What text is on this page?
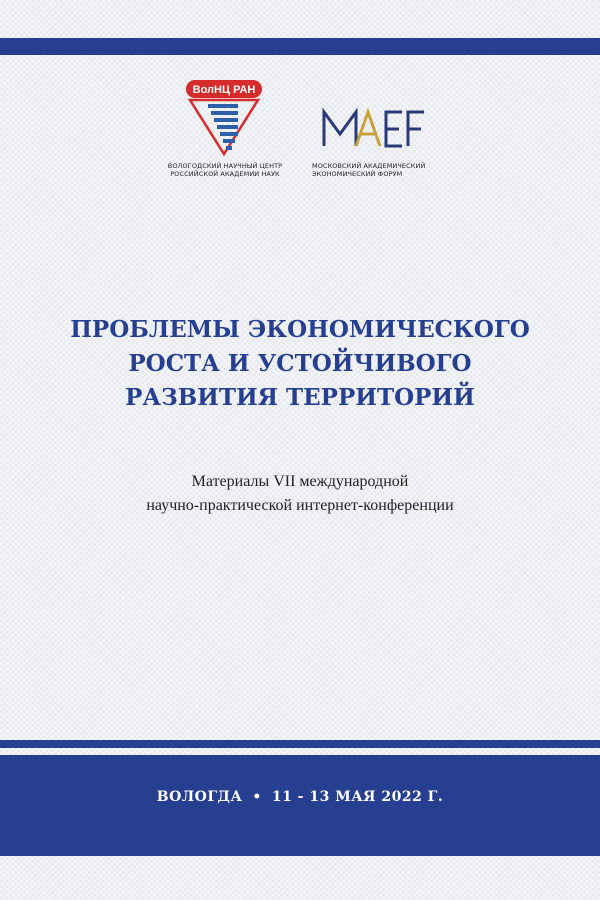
ВолНЦ РАН
ВОЛОГОДСКИЙ НАУЧНЫЙ ЦЕНТР
РОССИЙСКОЙ АКАДЕМИИ НАУК
МОСКОВСКИЙ АКАДЕМИЧЕСКИЙ
ЭКОНОМИЧЕСКИЙ ФОРУМ
ПРОБЛЕМЫ ЭКОНОМИЧЕСКОГО
РОСТА И УСТОЙЧИВОГО
РАЗВИТИЯ ТЕРРИТОРИЙ
Материалы VII международной
научно-практической интернет-конференции
ВОЛОГДА • 11 - 13 МАЯ 2022 Г.
